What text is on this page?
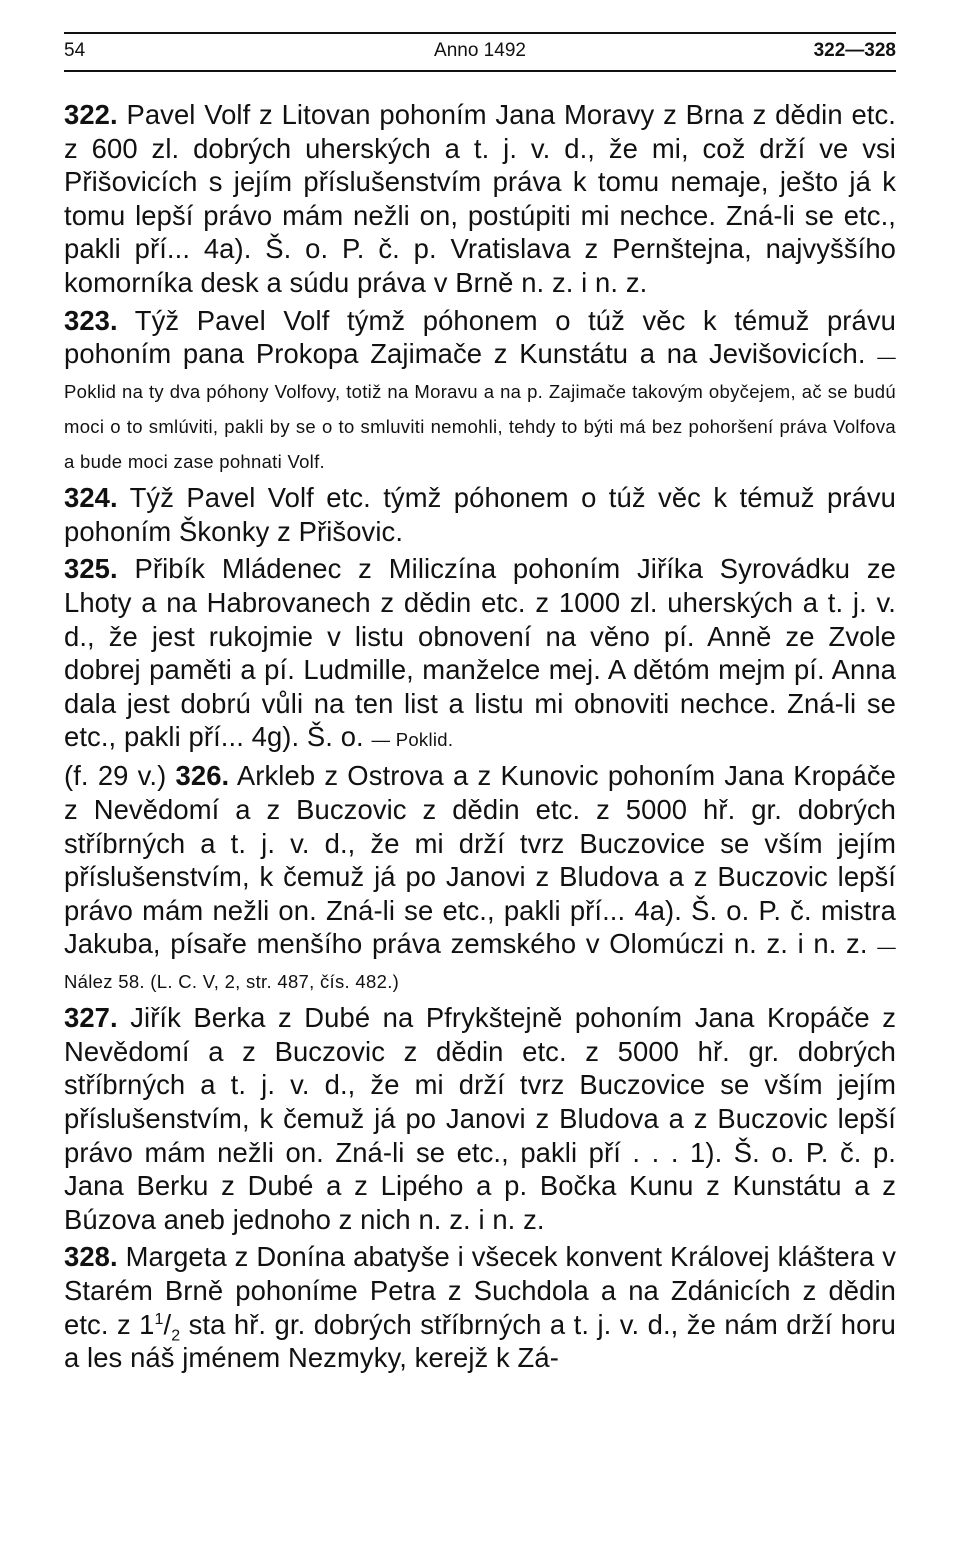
54	Anno 1492	322—328

322. Pavel Volf z Litovan pohoním Jana Moravy z Brna z dědin etc. z 600 zl. dobrých uherských a t. j. v. d., že mi, což drží ve vsi Přišovicích s jejím příslušenstvím práva k tomu nemaje, ješto já k tomu lepší právo mám nežli on, postúpiti mi nechce. Zná-li se etc., pakli pří... 4a). Š. o. P. č. p. Vratislava z Pernštejna, najvyššího komorníka desk a súdu práva v Brně n. z. i n. z.

323. Týž Pavel Volf týmž póhonem o túž věc k témuž právu pohoním pana Prokopa Zajimače z Kunstátu a na Jevišovicích. — Poklid na ty dva póhony Volfovy, totiž na Moravu a na p. Zajimače takovým obyčejem, ač se budú moci o to smlúviti, pakli by se o to smluviti nemohli, tehdy to býti má bez pohoršení práva Volfova a bude moci zase pohnati Volf.

324. Týž Pavel Volf etc. týmž póhonem o túž věc k témuž právu pohoním Škonky z Přišovic.

325. Přibík Mládenec z Miliczína pohoním Jiříka Syrovádku ze Lhoty a na Habrovanech z dědin etc. z 1000 zl. uherských a t. j. v. d., že jest rukojmie v listu obnovení na věno pí. Anně ze Zvole dobrej paměti a pí. Ludmille, manželce mej. A dětóm mejm pí. Anna dala jest dobrú vůli na ten list a listu mi obnoviti nechce. Zná-li se etc., pakli pří... 4g). Š. o. — Poklid.

(f. 29 v.) 326. Arkleb z Ostrova a z Kunovic pohoním Jana Kropáče z Nevědomí a z Buczovic z dědin etc. z 5000 hř. gr. dobrých stříbrných a t. j. v. d., že mi drží tvrz Buczovice se vším jejím příslušenstvím, k čemuž já po Janovi z Bludova a z Buczovic lepší právo mám nežli on. Zná-li se etc., pakli pří... 4a). Š. o. P. č. mistra Jakuba, písaře menšího práva zemského v Olomúczi n. z. i n. z. — Nález 58. (L. C. V, 2, str. 487, čís. 482.)

327. Jiřík Berka z Dubé na Pfrykštejně pohoním Jana Kropáče z Nevědomí a z Buczovic z dědin etc. z 5000 hř. gr. dobrých stříbrných a t. j. v. d., že mi drží tvrz Buczovice se vším jejím příslušenstvím, k čemuž já po Janovi z Bludova a z Buczovic lepší právo mám nežli on. Zná-li se etc., pakli pří . . . 1). Š. o. P. č. p. Jana Berku z Dubé a z Lipého a p. Bočka Kunu z Kunstátu a z Búzova aneb jednoho z nich n. z. i n. z.

328. Margeta z Donína abatyše i všecek konvent Královej kláštera v Starém Brně pohoníme Petra z Suchdola a na Zdánicích z dědin etc. z $1^1/_2$ sta hř. gr. dobrých stříbrných a t. j. v. d., že nám drží horu a les náš jménem Nezmyky, kerejž k Zá-
